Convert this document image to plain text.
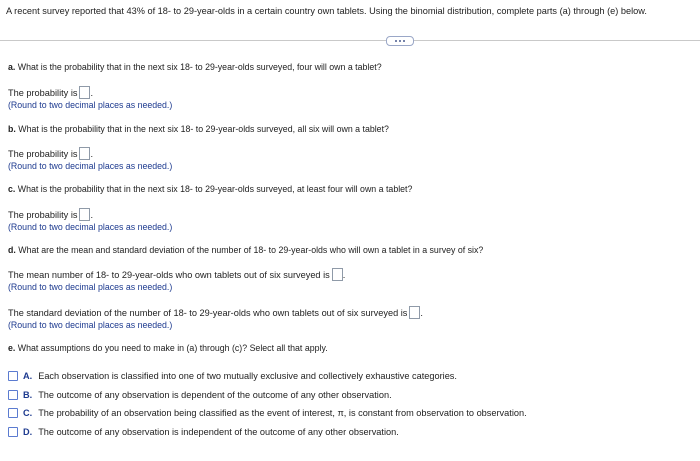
A recent survey reported that 43% of 18- to 29-year-olds in a certain country own tablets. Using the binomial distribution, complete parts (a) through (e) below.
a. What is the probability that in the next six 18- to 29-year-olds surveyed, four will own a tablet?
The probability is .
(Round to two decimal places as needed.)
b. What is the probability that in the next six 18- to 29-year-olds surveyed, all six will own a tablet?
The probability is .
(Round to two decimal places as needed.)
c. What is the probability that in the next six 18- to 29-year-olds surveyed, at least four will own a tablet?
The probability is .
(Round to two decimal places as needed.)
d. What are the mean and standard deviation of the number of 18- to 29-year-olds who will own a tablet in a survey of six?
The mean number of 18- to 29-year-olds who own tablets out of six surveyed is .
(Round to two decimal places as needed.)
The standard deviation of the number of 18- to 29-year-olds who own tablets out of six surveyed is .
(Round to two decimal places as needed.)
e. What assumptions do you need to make in (a) through (c)? Select all that apply.
A. Each observation is classified into one of two mutually exclusive and collectively exhaustive categories.
B. The outcome of any observation is dependent of the outcome of any other observation.
C. The probability of an observation being classified as the event of interest, π, is constant from observation to observation.
D. The outcome of any observation is independent of the outcome of any other observation.
